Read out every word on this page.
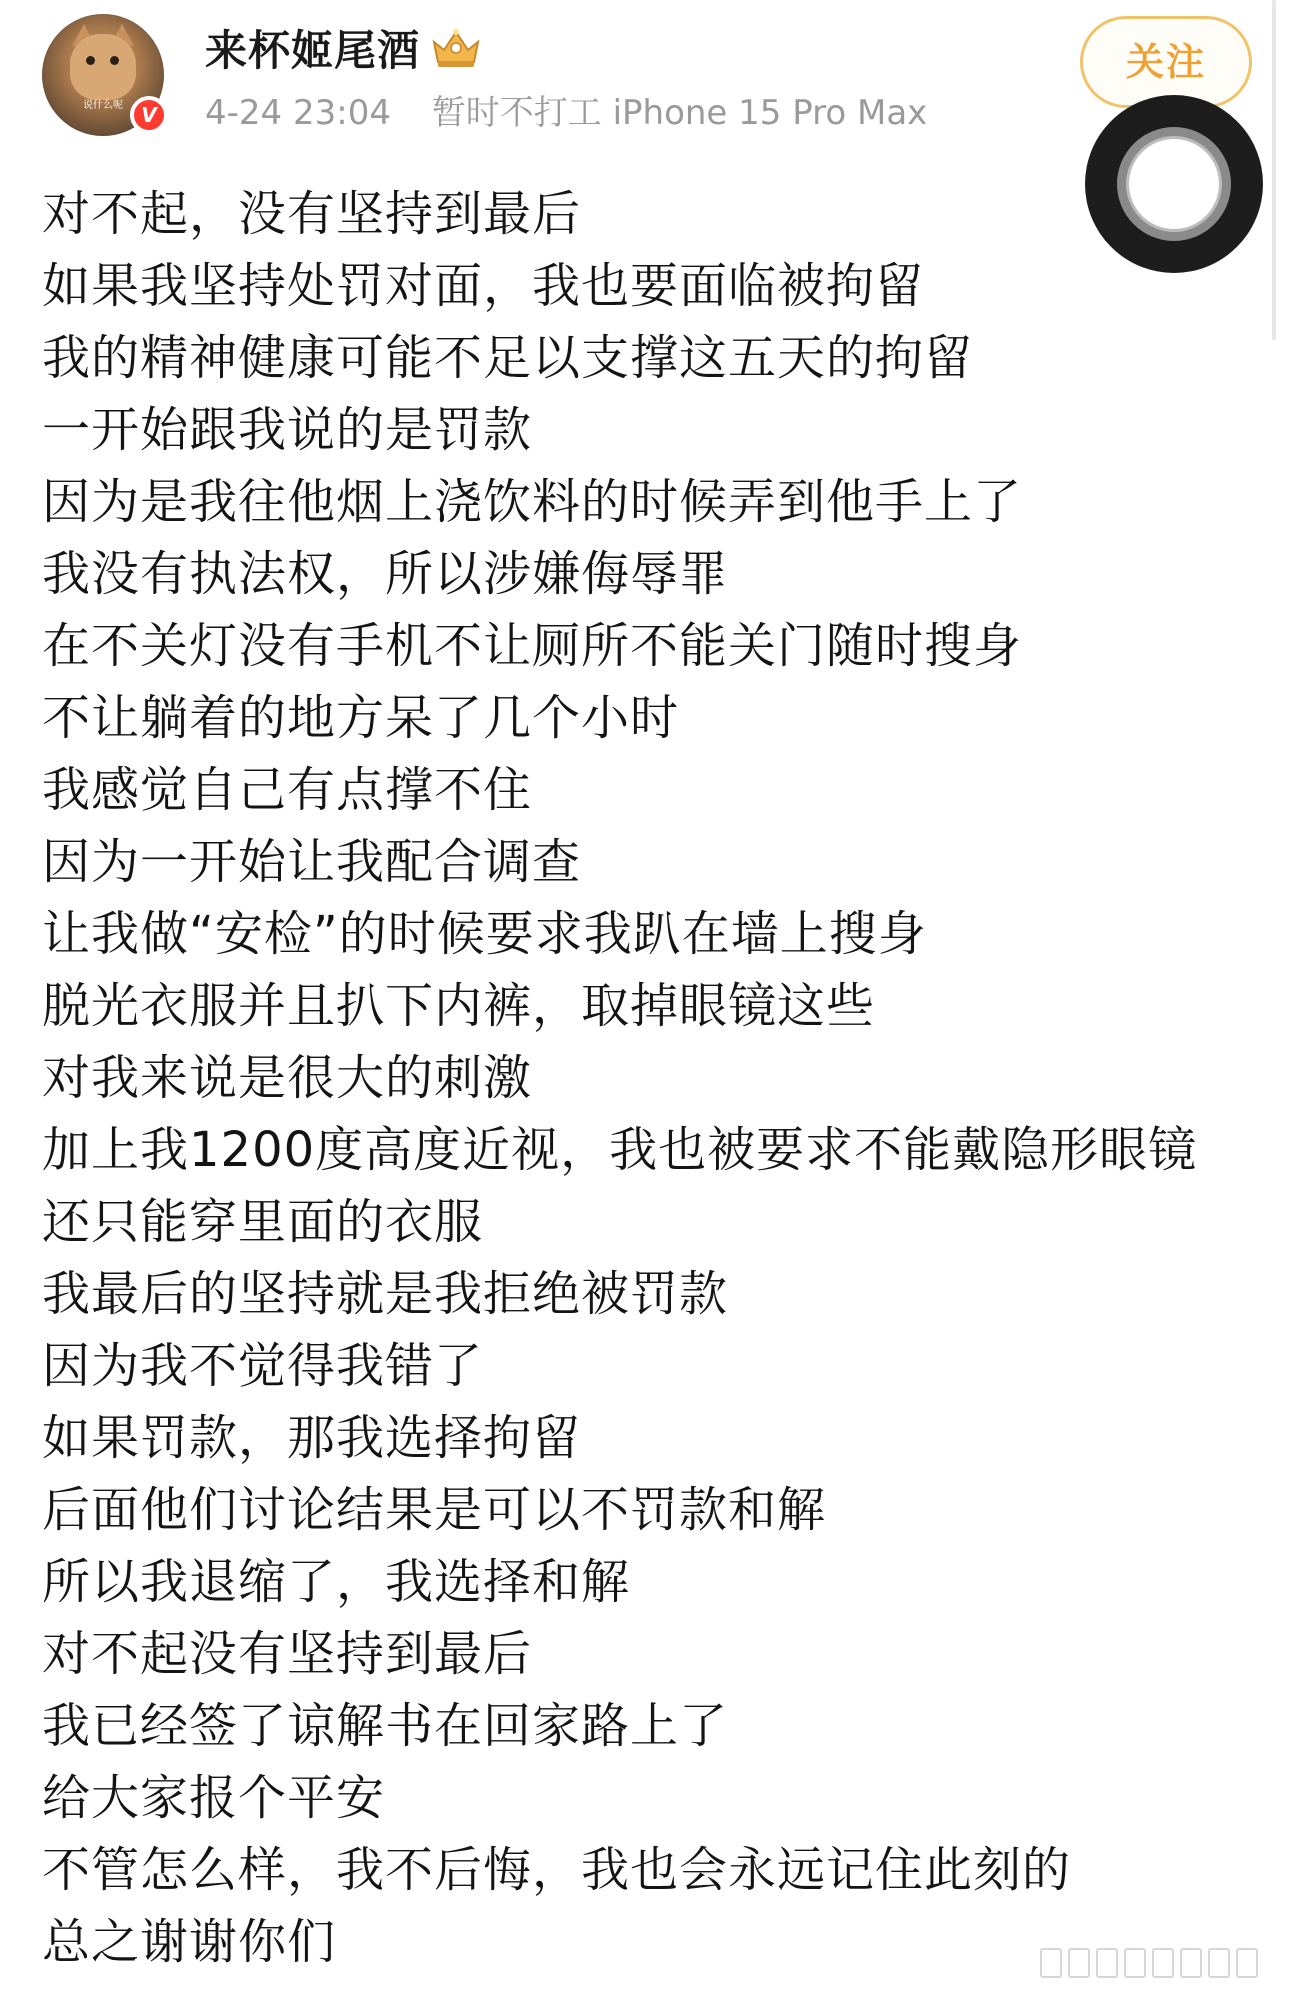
说什么呢 V
来杯姬尾酒
4-24 23:04 暂时不打工 iPhone 15 Pro Max
关注
对不起，没有坚持到最后
如果我坚持处罚对面，我也要面临被拘留
我的精神健康可能不足以支撑这五天的拘留
一开始跟我说的是罚款
因为是我往他烟上浇饮料的时候弄到他手上了
我没有执法权，所以涉嫌侮辱罪
在不关灯没有手机不让厕所不能关门随时搜身
不让躺着的地方呆了几个小时
我感觉自己有点撑不住
因为一开始让我配合调查
让我做“安检”的时候要求我趴在墙上搜身
脱光衣服并且扒下内裤，取掉眼镜这些
对我来说是很大的刺激
加上我1200度高度近视，我也被要求不能戴隐形眼镜
还只能穿里面的衣服
我最后的坚持就是我拒绝被罚款
因为我不觉得我错了
如果罚款，那我选择拘留
后面他们讨论结果是可以不罚款和解
所以我退缩了，我选择和解
对不起没有坚持到最后
我已经签了谅解书在回家路上了
给大家报个平安
不管怎么样，我不后悔，我也会永远记住此刻的
总之谢谢你们
